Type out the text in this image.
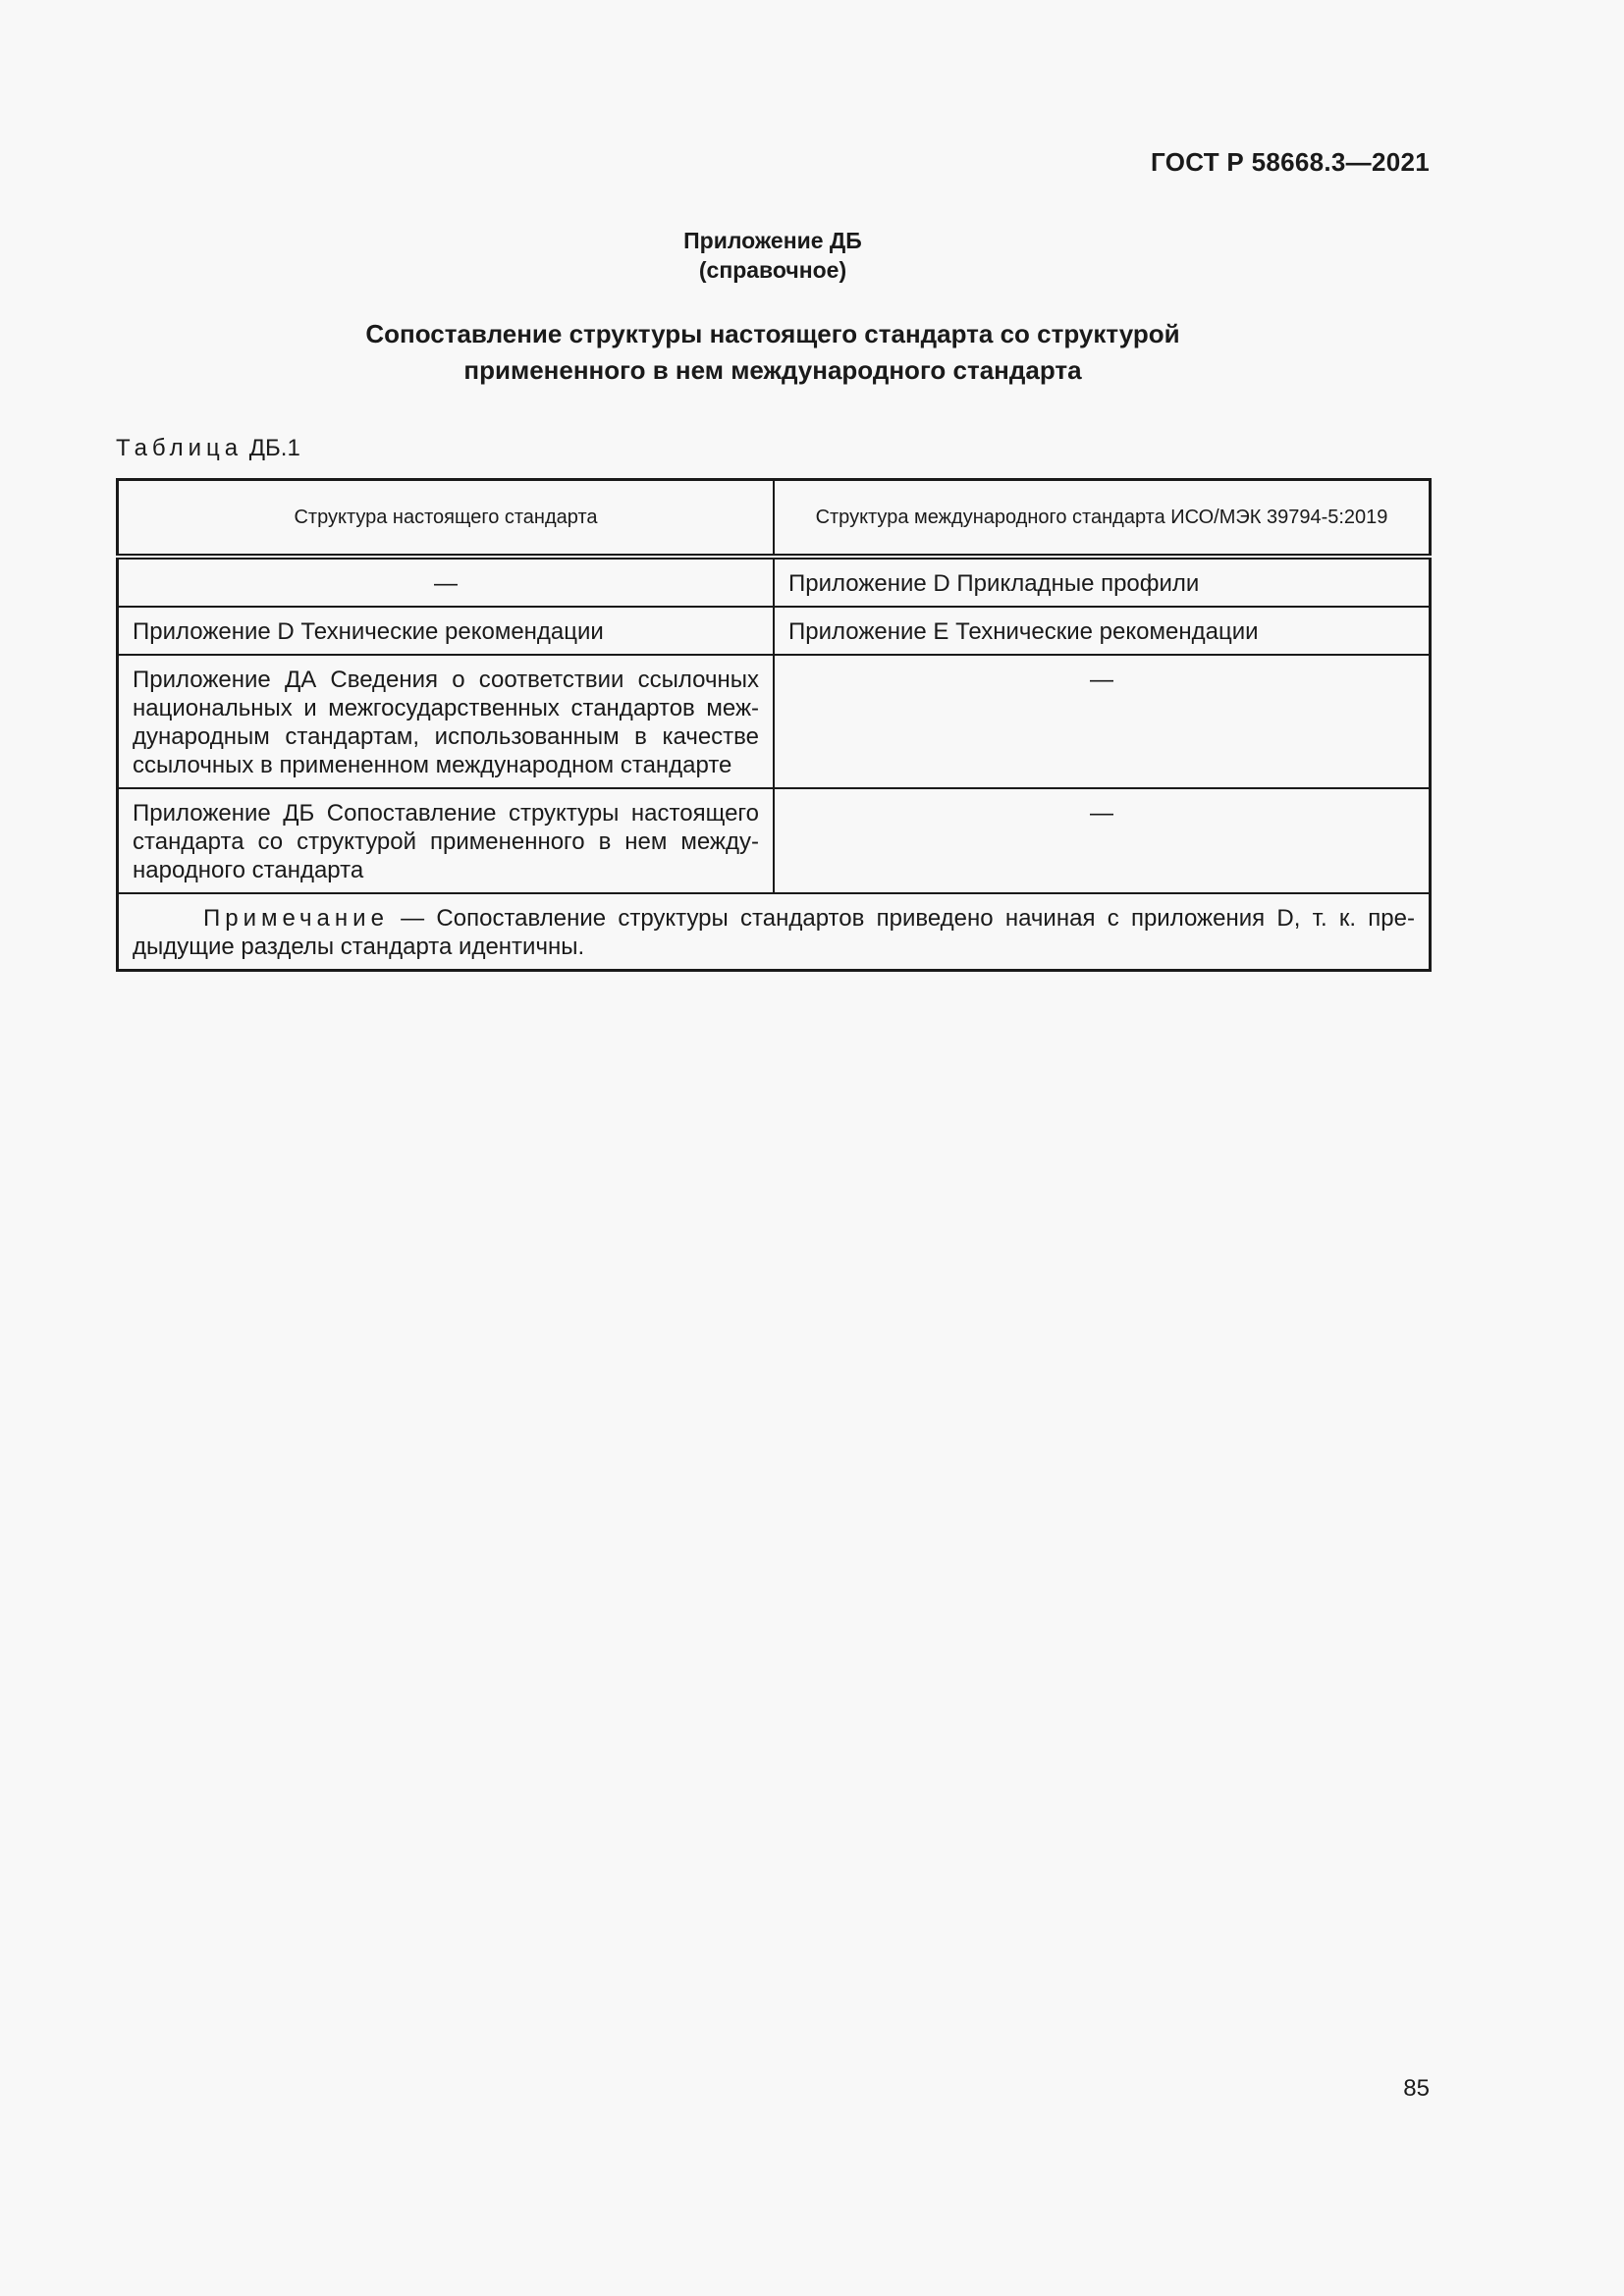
ГОСТ Р 58668.3—2021
Приложение ДБ
(справочное)
Сопоставление структуры настоящего стандарта со структурой
примененного в нем международного стандарта
Таблица ДБ.1
Структура настоящего стандарта	Структура международного стандарта ИСО/МЭК 39794-5:2019
—	Приложение D Прикладные профили
Приложение D Технические рекомендации	Приложение Е Технические рекомендации
Приложение ДА Сведения о соответствии ссылочных национальных и межгосударственных стандартов международным стандартам, использованным в качестве ссылочных в примененном международном стандарте	—
Приложение ДБ Сопоставление структуры настоящего стандарта со структурой примененного в нем международного стандарта	—
Примечание — Сопоставление структуры стандартов приведено начиная с приложения D, т. к. предыдущие разделы стандарта идентичны.	
85
